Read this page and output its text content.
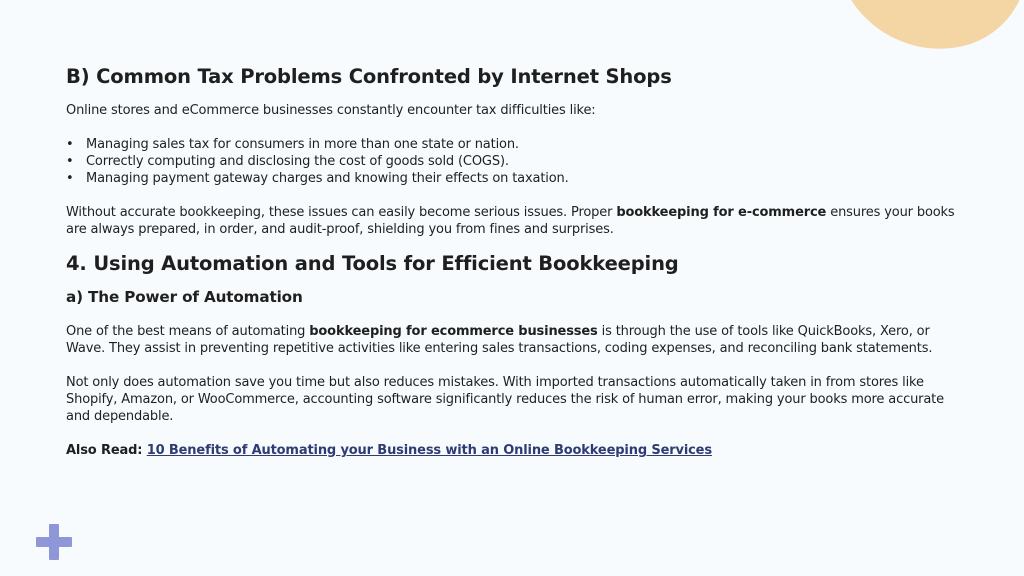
B) Common Tax Problems Confronted by Internet Shops

Online stores and eCommerce businesses constantly encounter tax difficulties like:

• Managing sales tax for consumers in more than one state or nation.
• Correctly computing and disclosing the cost of goods sold (COGS).
• Managing payment gateway charges and knowing their effects on taxation.

Without accurate bookkeeping, these issues can easily become serious issues. Proper bookkeeping for e-commerce ensures your books are always prepared, in order, and audit-proof, shielding you from fines and surprises.

4. Using Automation and Tools for Efficient Bookkeeping
a) The Power of Automation

One of the best means of automating bookkeeping for ecommerce businesses is through the use of tools like QuickBooks, Xero, or Wave. They assist in preventing repetitive activities like entering sales transactions, coding expenses, and reconciling bank statements.

Not only does automation save you time but also reduces mistakes. With imported transactions automatically taken in from stores like Shopify, Amazon, or WooCommerce, accounting software significantly reduces the risk of human error, making your books more accurate and dependable.

Also Read: 10 Benefits of Automating your Business with an Online Bookkeeping Services
